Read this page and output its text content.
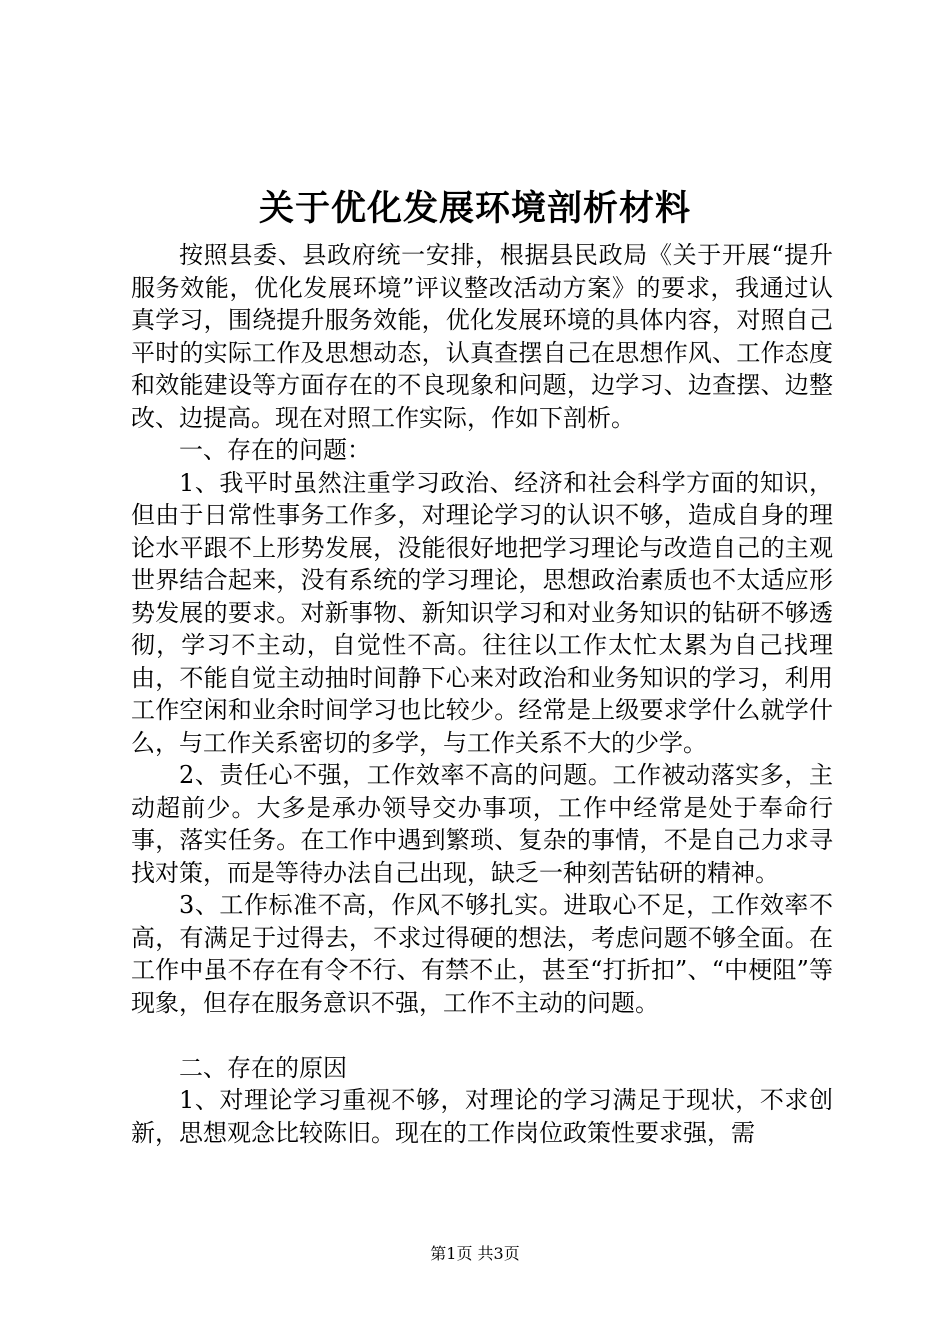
关于优化发展环境剖析材料

按照县委、县政府统一安排，根据县民政局《关于开展“提升服务效能，优化发展环境”评议整改活动方案》的要求，我通过认真学习，围绕提升服务效能，优化发展环境的具体内容，对照自己平时的实际工作及思想动态，认真查摆自己在思想作风、工作态度和效能建设等方面存在的不良现象和问题，边学习、边查摆、边整改、边提高。现在对照工作实际，作如下剖析。

一、存在的问题：

1、我平时虽然注重学习政治、经济和社会科学方面的知识，但由于日常性事务工作多，对理论学习的认识不够，造成自身的理论水平跟不上形势发展，没能很好地把学习理论与改造自己的主观世界结合起来，没有系统的学习理论，思想政治素质也不太适应形势发展的要求。对新事物、新知识学习和对业务知识的钻研不够透彻，学习不主动，自觉性不高。往往以工作太忙太累为自己找理由，不能自觉主动抽时间静下心来对政治和业务知识的学习，利用工作空闲和业余时间学习也比较少。经常是上级要求学什么就学什么，与工作关系密切的多学，与工作关系不大的少学。

2、责任心不强，工作效率不高的问题。工作被动落实多，主动超前少。大多是承办领导交办事项，工作中经常是处于奉命行事，落实任务。在工作中遇到繁琐、复杂的事情，不是自己力求寻找对策，而是等待办法自己出现，缺乏一种刻苦钻研的精神。

3、工作标准不高，作风不够扎实。进取心不足，工作效率不高，有满足于过得去，不求过得硬的想法，考虑问题不够全面。在工作中虽不存在有令不行、有禁不止，甚至“打折扣”、“中梗阻”等现象，但存在服务意识不强，工作不主动的问题。

二、存在的原因

1、对理论学习重视不够，对理论的学习满足于现状，不求创新，思想观念比较陈旧。现在的工作岗位政策性要求强，需

第1页 共3页
